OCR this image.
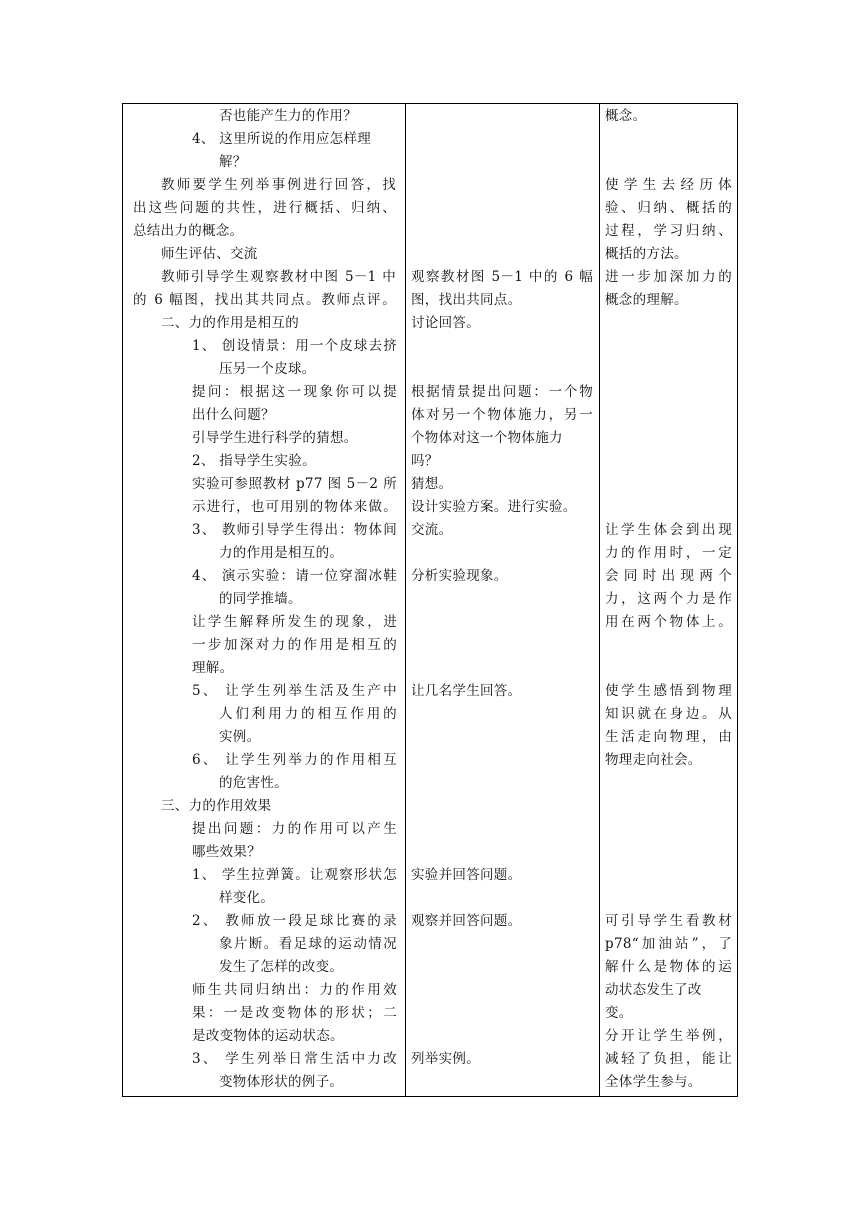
否也能产生力的作用？
4、 这里所说的作用应怎样理
解？
教师要学生列举事例进行回答，找
出这些问题的共性，进行概括、归纳、
总结出力的概念。
师生评估、交流
教师引导学生观察教材中图 5－1 中
的 6 幅图，找出其共同点。教师点评。
二、力的作用是相互的
1、 创设情景：用一个皮球去挤
压另一个皮球。
提问：根据这一现象你可以提
出什么问题？
引导学生进行科学的猜想。
2、 指导学生实验。
实验可参照教材 p77 图 5－2 所
示进行，也可用别的物体来做。
3、 教师引导学生得出：物体间
力的作用是相互的。
4、 演示实验：请一位穿溜冰鞋
的同学推墙。
让学生解释所发生的现象，进
一步加深对力的作用是相互的
理解。
5、 让学生列举生活及生产中
人们利用力的相互作用的
实例。
6、 让学生列举力的作用相互
的危害性。
三、力的作用效果
提出问题：力的作用可以产生
哪些效果？
1、 学生拉弹簧。让观察形状怎
样变化。
2、 教师放一段足球比赛的录
象片断。看足球的运动情况
发生了怎样的改变。
师生共同归纳出：力的作用效
果：一是改变物体的形状；二
是改变物体的运动状态。
3、 学生列举日常生活中力改
变物体形状的例子。
观察教材图 5－1 中的 6 幅
图，找出共同点。
讨论回答。
根据情景提出问题：一个物
体对另一个物体施力，另一
个物体对这一个物体施力
吗？
猜想。
设计实验方案。进行实验。
交流。
分析实验现象。
让几名学生回答。
实验并回答问题。
观察并回答问题。
列举实例。
概念。
使学生去经历体
验、归纳、概括的
过程，学习归纳、
概括的方法。
进一步加深加力的
概念的理解。
让学生体会到出现
力的作用时，一定
会同时出现两个
力，这两个力是作
用在两个物体上。
使学生感悟到物理
知识就在身边。从
生活走向物理，由
物理走向社会。
可引导学生看教材
p78“加油站”，了
解什么是物体的运
动状态发生了改
变。
分开让学生举例，
减轻了负担，能让
全体学生参与。
